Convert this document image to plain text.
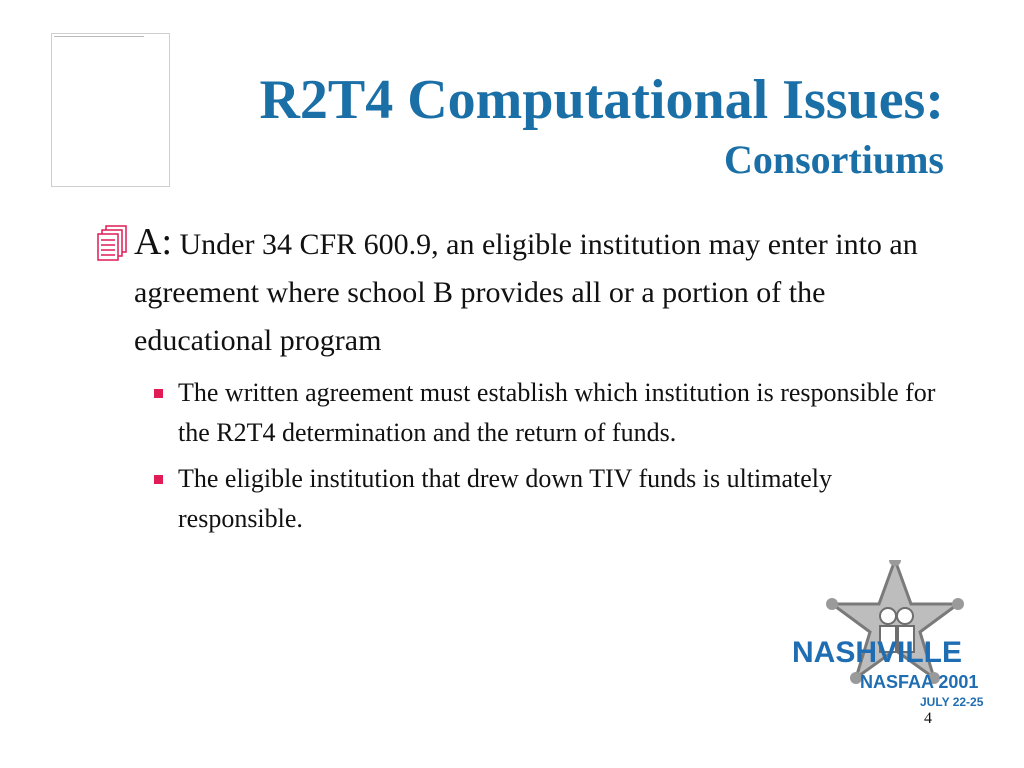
R2T4 Computational Issues:
Consortiums
A: Under 34 CFR 600.9, an eligible institution may enter into an agreement where school B provides all or a portion of the educational program
The written agreement must establish which institution is responsible for the R2T4 determination and the return of funds.
The eligible institution that drew down TIV funds is ultimately responsible.
NASHVILLE
NASFAA 2001
JULY 22-25
4
